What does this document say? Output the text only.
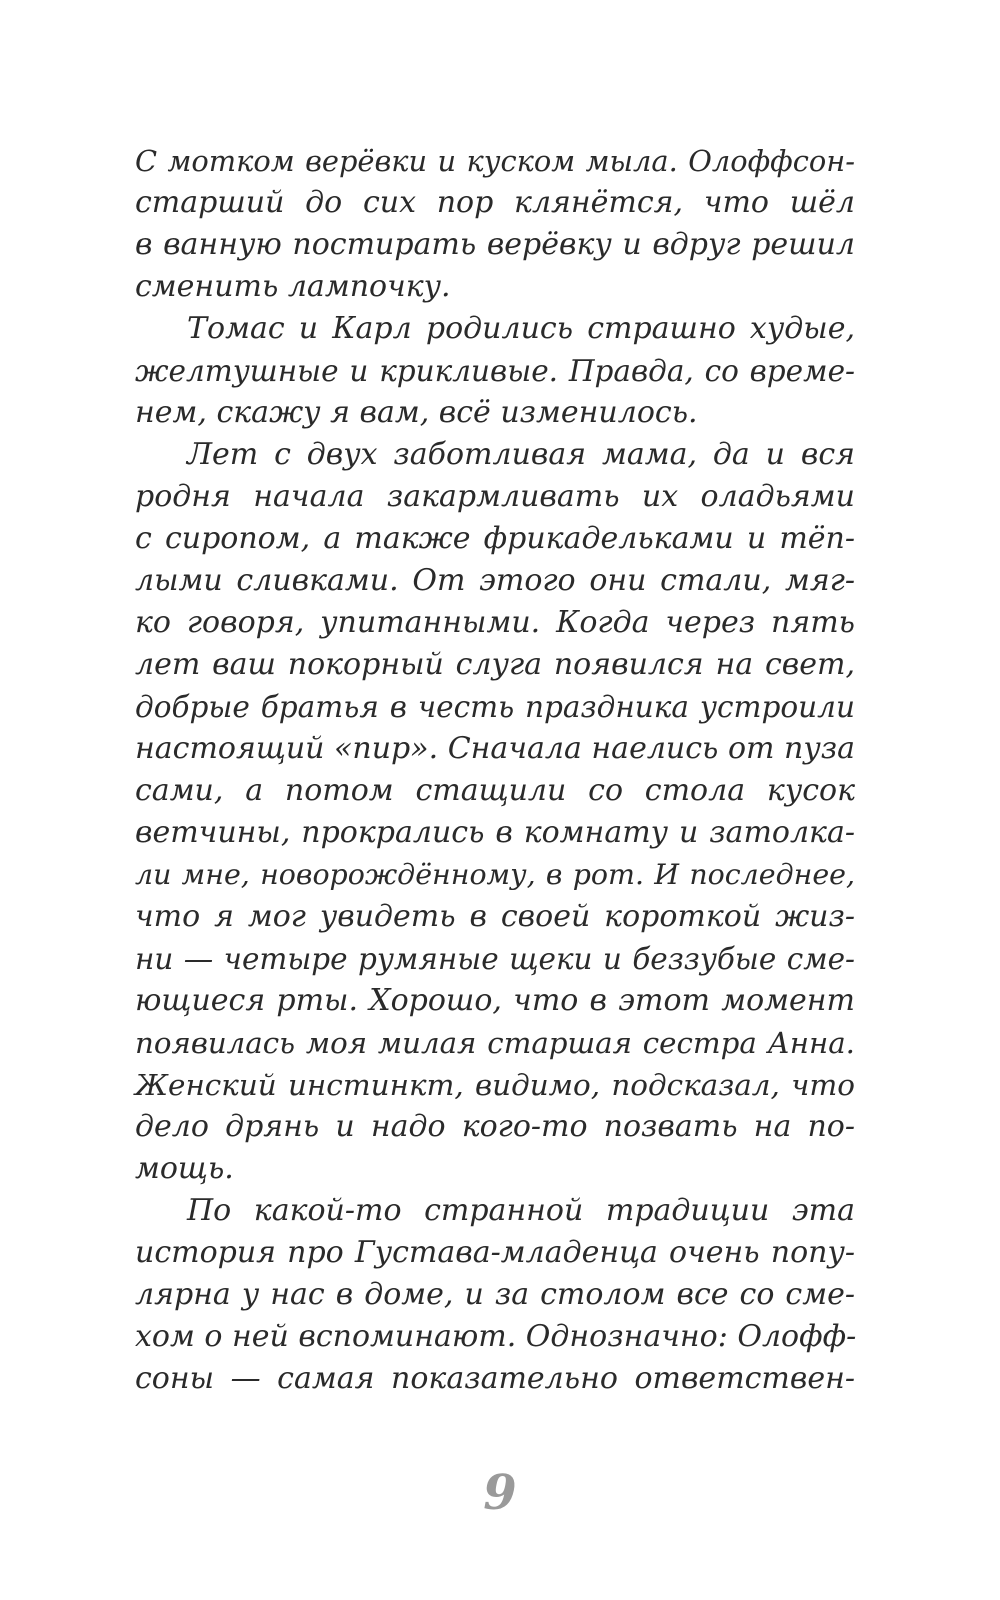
С мотком верёвки и куском мыла. Олоффсон-
старший до сих пор клянётся, что шёл
в ванную постирать верёвку и вдруг решил
сменить лампочку.
Томас и Карл родились страшно худые,
желтушные и крикливые. Правда, со време-
нем, скажу я вам, всё изменилось.
Лет с двух заботливая мама, да и вся
родня начала закармливать их оладьями
с сиропом, а также фрикадельками и тёп-
лыми сливками. От этого они стали, мяг-
ко говоря, упитанными. Когда через пять
лет ваш покорный слуга появился на свет,
добрые братья в честь праздника устроили
настоящий «пир». Сначала наелись от пуза
сами, а потом стащили со стола кусок
ветчины, прокрались в комнату и затолка-
ли мне, новорождённому, в рот. И последнее,
что я мог увидеть в своей короткой жиз-
ни — четыре румяные щеки и беззубые сме-
ющиеся рты. Хорошо, что в этот момент
появилась моя милая старшая сестра Анна.
Женский инстинкт, видимо, подсказал, что
дело дрянь и надо кого-то позвать на по-
мощь.
По какой-то странной традиции эта
история про Густава-младенца очень попу-
лярна у нас в доме, и за столом все со сме-
хом о ней вспоминают. Однозначно: Олофф-
соны — самая показательно ответствен-
9
